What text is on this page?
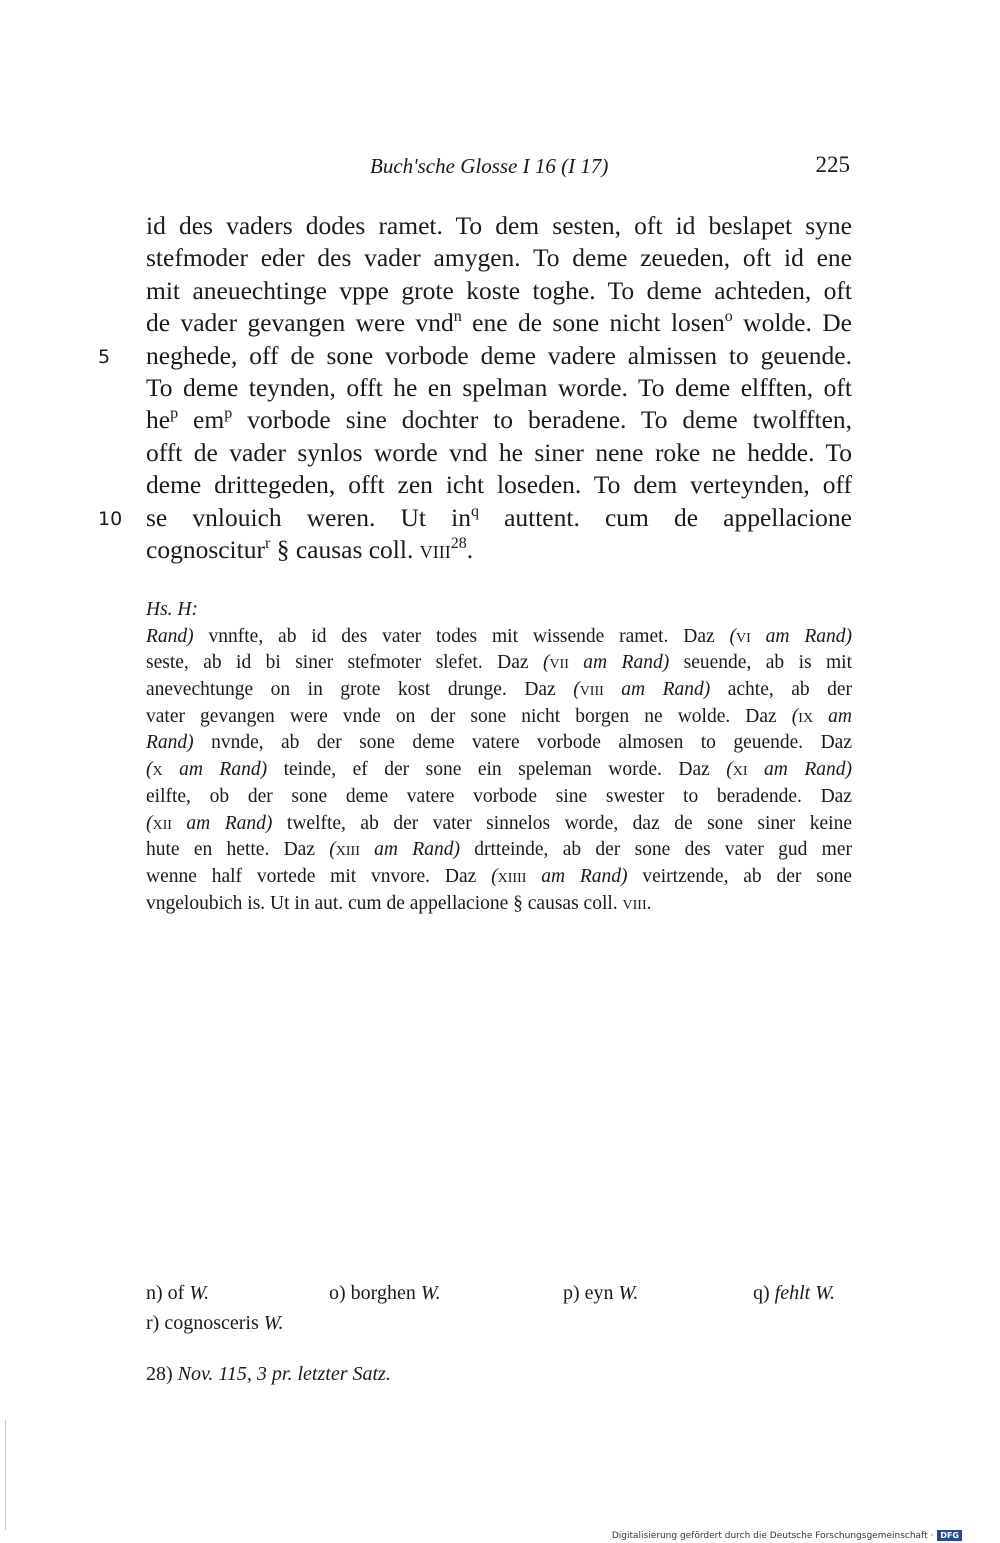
Buch'sche Glosse I 16 (I 17)	225
id des vaders dodes ramet. To dem sesten, oft id beslapet syne
stefmoder eder des vader amygen. To deme zeueden, oft id ene
mit aneuechtinge vppe grote koste toghe. To deme achteden, oft
de vader gevangen were vnd$^n$ ene de sone nicht losen$^o$ wolde. De
5 neghede, off de sone vorbode deme vadere almissen to geuende.
To deme teynden, offt he en spelman worde. To deme elfften, oft
$he^p$ $em^p$ vorbode sine dochter to beradene. To deme twolfften,
offt de vader synlos worde vnd he siner nene roke ne hedde. To
deme drittegeden, offt zen icht loseden. To dem verteynden, off
10 se vnlouich weren. Ut $in^q$ auttent. cum de appellacione
cognoscitur$^r$ § causas coll. viii$^{28}$.
Hs. H:
Rand) vnnfte, ab id des vater todes mit wissende ramet. Daz (vi am Rand)
seste, ab id bi siner stefmoter slefet. Daz (vii am Rand) seuende, ab is mit
anevechtunge on in grote kost drunge. Daz (viii am Rand) achte, ab der
vater gevangen were vnde on der sone nicht borgen ne wolde. Daz (ix am
Rand) nvnde, ab der sone deme vatere vorbode almosen to geuende. Daz
(x am Rand) teinde, ef der sone ein speleman worde. Daz (xi am Rand)
eilfte, ob der sone deme vatere vorbode sine swester to beradende. Daz
(xii am Rand) twelfte, ab der vater sinnelos worde, daz de sone siner keine
hute en hette. Daz (xiii am Rand) drtteinde, ab der sone des vater gud mer
wenne half vortede mit vnvore. Daz (xiiii am Rand) veirtzende, ab der sone
vngeloubich is. Ut in aut. cum de appellacione § causas coll. viii.
n) of W.	o) borghen W.	p) eyn W.	q) fehlt W.
r) cognosceris W.
28) Nov. 115, 3 pr. letzter Satz.
Digitalisierung gefördert durch die Deutsche Forschungsgemeinschaft · DFG
